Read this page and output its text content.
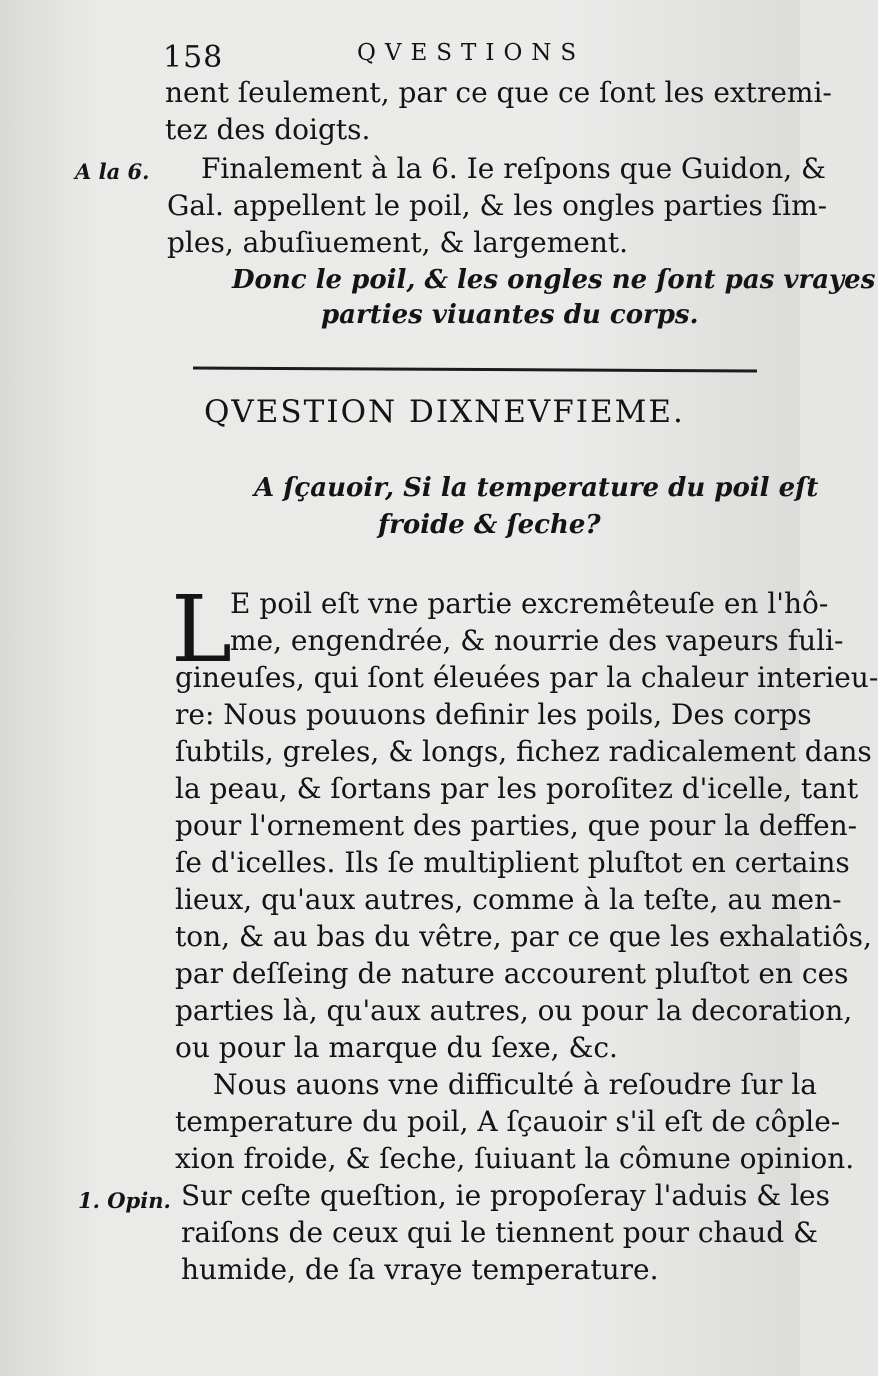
158	QVESTIONS
nent ſeulement, par ce que ce ſont les extremi-
tez des doigts.
A la 6. Finalement à la 6. Ie reſpons que Guidon, &
Gal. appellent le poil, & les ongles parties ſim-
ples, abuſiuement, & largement.
Donc le poil, & les ongles ne ſont pas vrayes
parties viuantes du corps.
QVESTION DIXNEVFIEME.
A ſçauoir, Si la temperature du poil eſt
froide & ſeche?
L
E poil eſt vne partie excremêteuſe en l'hô-
me, engendrée, & nourrie des vapeurs fuli-
gineuſes, qui ſont éleuées par la chaleur interieu-
re: Nous pouuons definir les poils, Des corps
ſubtils, greles, & longs, fichez radicalement dans
la peau, & ſortans par les poroſitez d'icelle, tant
pour l'ornement des parties, que pour la deffen-
ſe d'icelles. Ils ſe multiplient pluſtot en certains
lieux, qu'aux autres, comme à la teſte, au men-
ton, & au bas du vêtre, par ce que les exhalatiôs,
par deſſeing de nature accourent pluſtot en ces
parties là, qu'aux autres, ou pour la decoration,
ou pour la marque du ſexe, &c.
Nous auons vne difficulté à reſoudre ſur la
temperature du poil, A ſçauoir s'il eſt de côple-
xion froide, & ſeche, ſuiuant la cômune opinion.
1. Opin. Sur ceſte queſtion, ie propoſeray l'aduis & les
raiſons de ceux qui le tiennent pour chaud &
humide, de ſa vraye temperature.
